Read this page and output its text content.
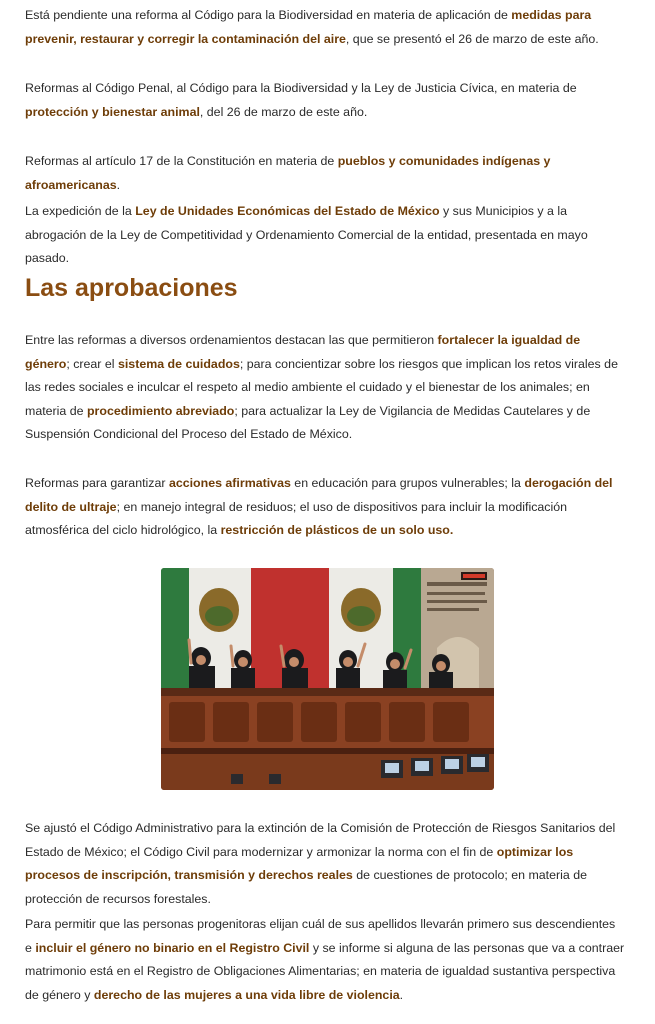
Está pendiente una reforma al Código para la Biodiversidad en materia de aplicación de medidas para prevenir, restaurar y corregir la contaminación del aire, que se presentó el 26 de marzo de este año.

Reformas al Código Penal, al Código para la Biodiversidad y la Ley de Justicia Cívica, en materia de protección y bienestar animal, del 26 de marzo de este año.

Reformas al artículo 17 de la Constitución en materia de pueblos y comunidades indígenas y afroamericanas.

La expedición de la Ley de Unidades Económicas del Estado de México y sus Municipios y a la abrogación de la Ley de Competitividad y Ordenamiento Comercial de la entidad, presentada en mayo pasado.

Las aprobaciones

Entre las reformas a diversos ordenamientos destacan las que permitieron fortalecer la igualdad de género; crear el sistema de cuidados; para concientizar sobre los riesgos que implican los retos virales de las redes sociales e inculcar el respeto al medio ambiente el cuidado y el bienestar de los animales; en materia de procedimiento abreviado; para actualizar la Ley de Vigilancia de Medidas Cautelares y de Suspensión Condicional del Proceso del Estado de México.

Reformas para garantizar acciones afirmativas en educación para grupos vulnerables; la derogación del delito de ultraje; en manejo integral de residuos; el uso de dispositivos para incluir la modificación atmosférica del ciclo hidrológico, la restricción de plásticos de un solo uso.

Se ajustó el Código Administrativo para la extinción de la Comisión de Protección de Riesgos Sanitarios del Estado de México; el Código Civil para modernizar y armonizar la norma con el fin de optimizar los procesos de inscripción, transmisión y derechos reales de cuestiones de protocolo; en materia de protección de recursos forestales.

Para permitir que las personas progenitoras elijan cuál de sus apellidos llevarán primero sus descendientes e incluir el género no binario en el Registro Civil y se informe si alguna de las personas que va a contraer matrimonio está en el Registro de Obligaciones Alimentarias; en materia de igualdad sustantiva perspectiva de género y derecho de las mujeres a una vida libre de violencia.
